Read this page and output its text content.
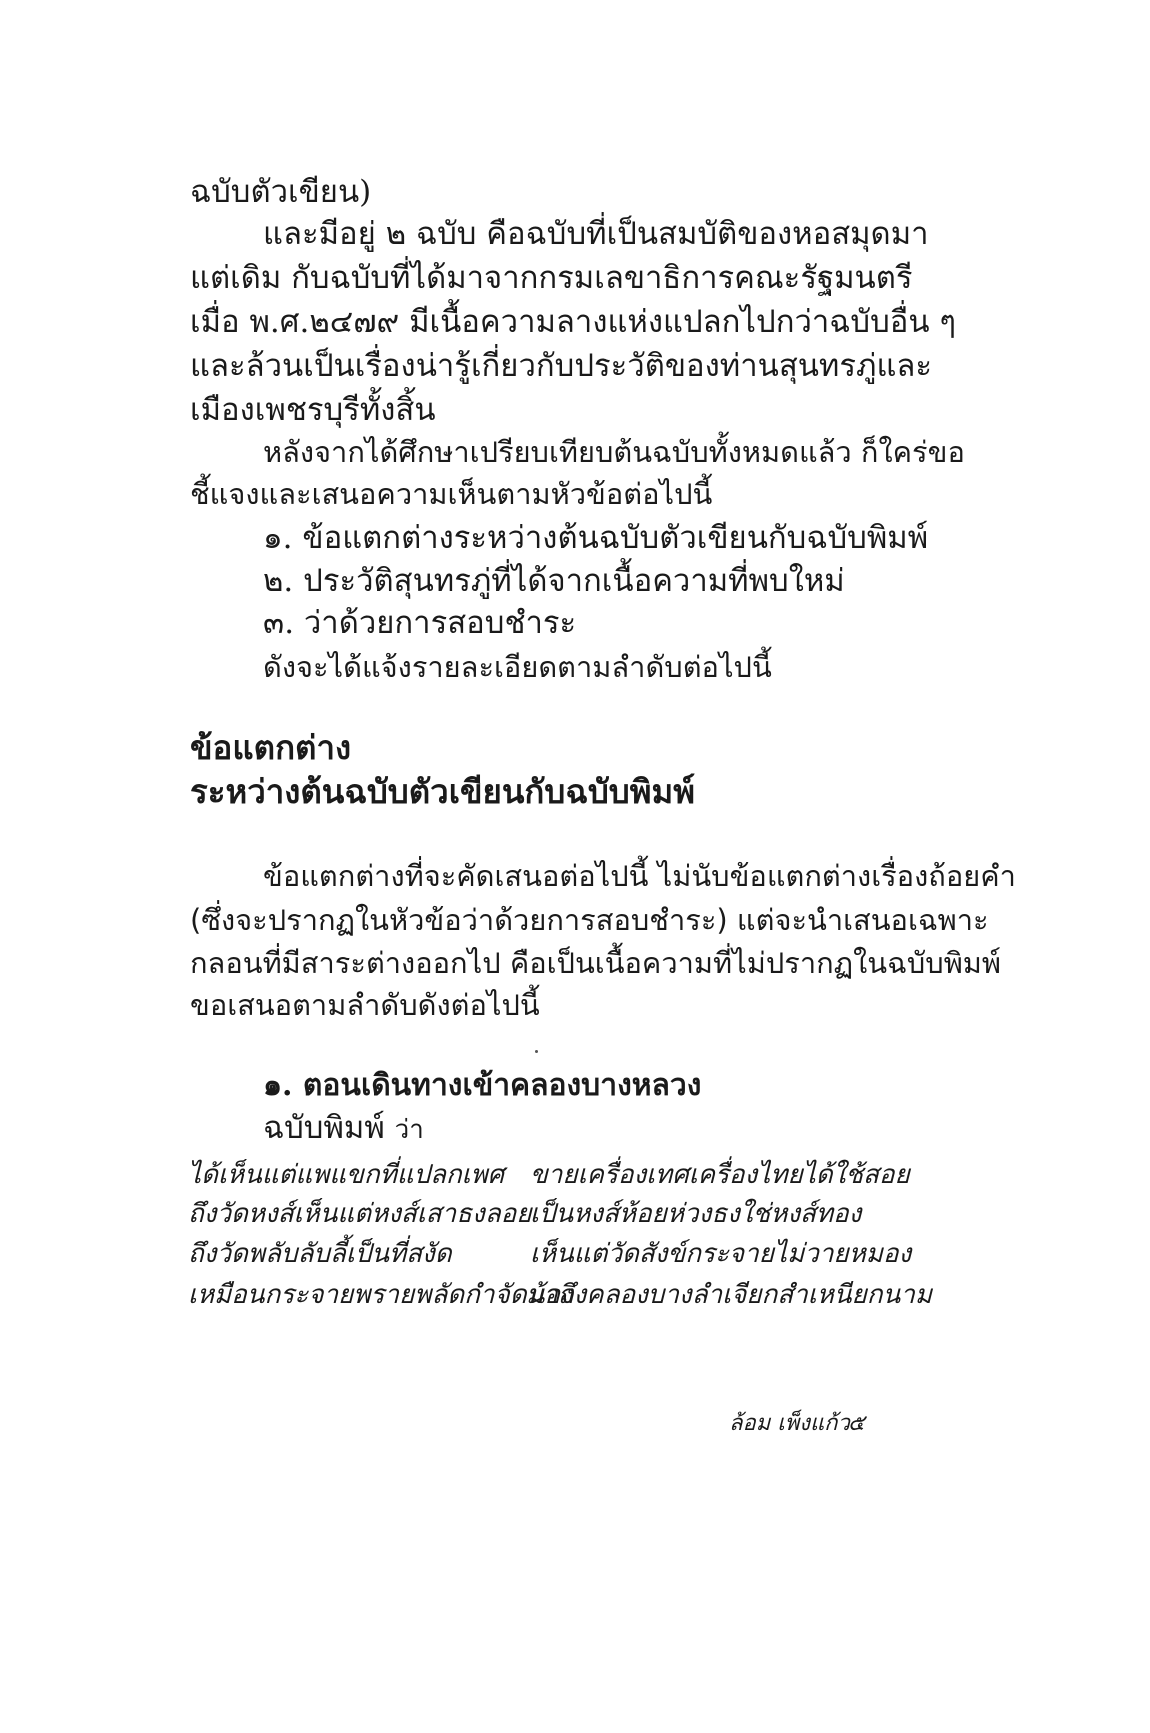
ฉบับตัวเขียน)
และมีอยู่ ๒ ฉบับ คือฉบับที่เป็นสมบัติของหอสมุดมา
แต่เดิม กับฉบับที่ได้มาจากกรมเลขาธิการคณะรัฐมนตรี
เมื่อ พ.ศ.๒๔๗๙ มีเนื้อความลางแห่งแปลกไปกว่าฉบับอื่น ๆ
และล้วนเป็นเรื่องน่ารู้เกี่ยวกับประวัติของท่านสุนทรภู่และ
เมืองเพชรบุรีทั้งสิ้น
หลังจากได้ศึกษาเปรียบเทียบต้นฉบับทั้งหมดแล้ว ก็ใคร่ขอ
ชี้แจงและเสนอความเห็นตามหัวข้อต่อไปนี้
๑. ข้อแตกต่างระหว่างต้นฉบับตัวเขียนกับฉบับพิมพ์
๒. ประวัติสุนทรภู่ที่ได้จากเนื้อความที่พบใหม่
๓. ว่าด้วยการสอบชำระ
ดังจะได้แจ้งรายละเอียดตามลำดับต่อไปนี้
ข้อแตกต่าง
ระหว่างต้นฉบับตัวเขียนกับฉบับพิมพ์
ข้อแตกต่างที่จะคัดเสนอต่อไปนี้ ไม่นับข้อแตกต่างเรื่องถ้อยคำ
(ซึ่งจะปรากฏในหัวข้อว่าด้วยการสอบชำระ) แต่จะนำเสนอเฉพาะ
กลอนที่มีสาระต่างออกไป คือเป็นเนื้อความที่ไม่ปรากฏในฉบับพิมพ์
ขอเสนอตามลำดับดังต่อไปนี้
๑. ตอนเดินทางเข้าคลองบางหลวง
ฉบับพิมพ์ ว่า
ได้เห็นแต่แพแขกที่แปลกเพศ ขายเครื่องเทศเครื่องไทยได้ใช้สอย
ถึงวัดหงส์เห็นแต่หงส์เสาธงลอย
เป็นหงส์ห้อยห่วงธงใช่หงส์ทอง
ถึงวัดพลับลับลี้เป็นที่สงัด	เห็นแต่วัดสังข์กระจายไม่วายหมอง
เหมือนกระจายพรายพลัดกำจัดน้อง
มาถึงคลองบางลำเจียกสำเหนียกนาม
ล้อม เพ็งแก้ว
๕
